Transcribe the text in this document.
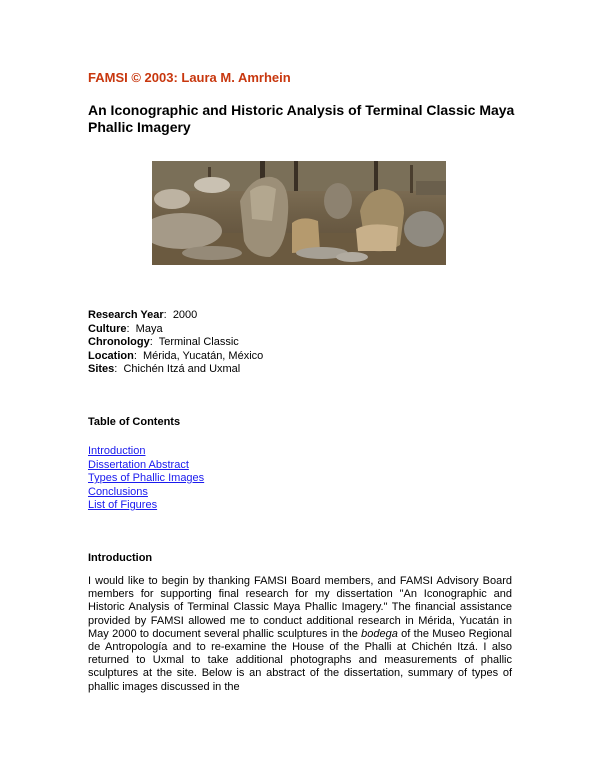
FAMSI © 2003: Laura M. Amrhein
An Iconographic and Historic Analysis of Terminal Classic Maya Phallic Imagery
Research Year:  2000
Culture:  Maya
Chronology:  Terminal Classic
Location:  Mérida, Yucatán, México
Sites:  Chichén Itzá and Uxmal
Table of Contents
Introduction
Dissertation Abstract
Types of Phallic Images
Conclusions
List of Figures
Introduction

I would like to begin by thanking FAMSI Board members, and FAMSI Advisory Board members for supporting final research for my dissertation "An Iconographic and Historic Analysis of Terminal Classic Maya Phallic Imagery." The financial assistance provided by FAMSI allowed me to conduct additional research in Mérida, Yucatán in May 2000 to document several phallic sculptures in the bodega of the Museo Regional de Antropología and to re-examine the House of the Phalli at Chichén Itzá. I also returned to Uxmal to take additional photographs and measurements of phallic sculptures at the site. Below is an abstract of the dissertation, summary of types of phallic images discussed in the
